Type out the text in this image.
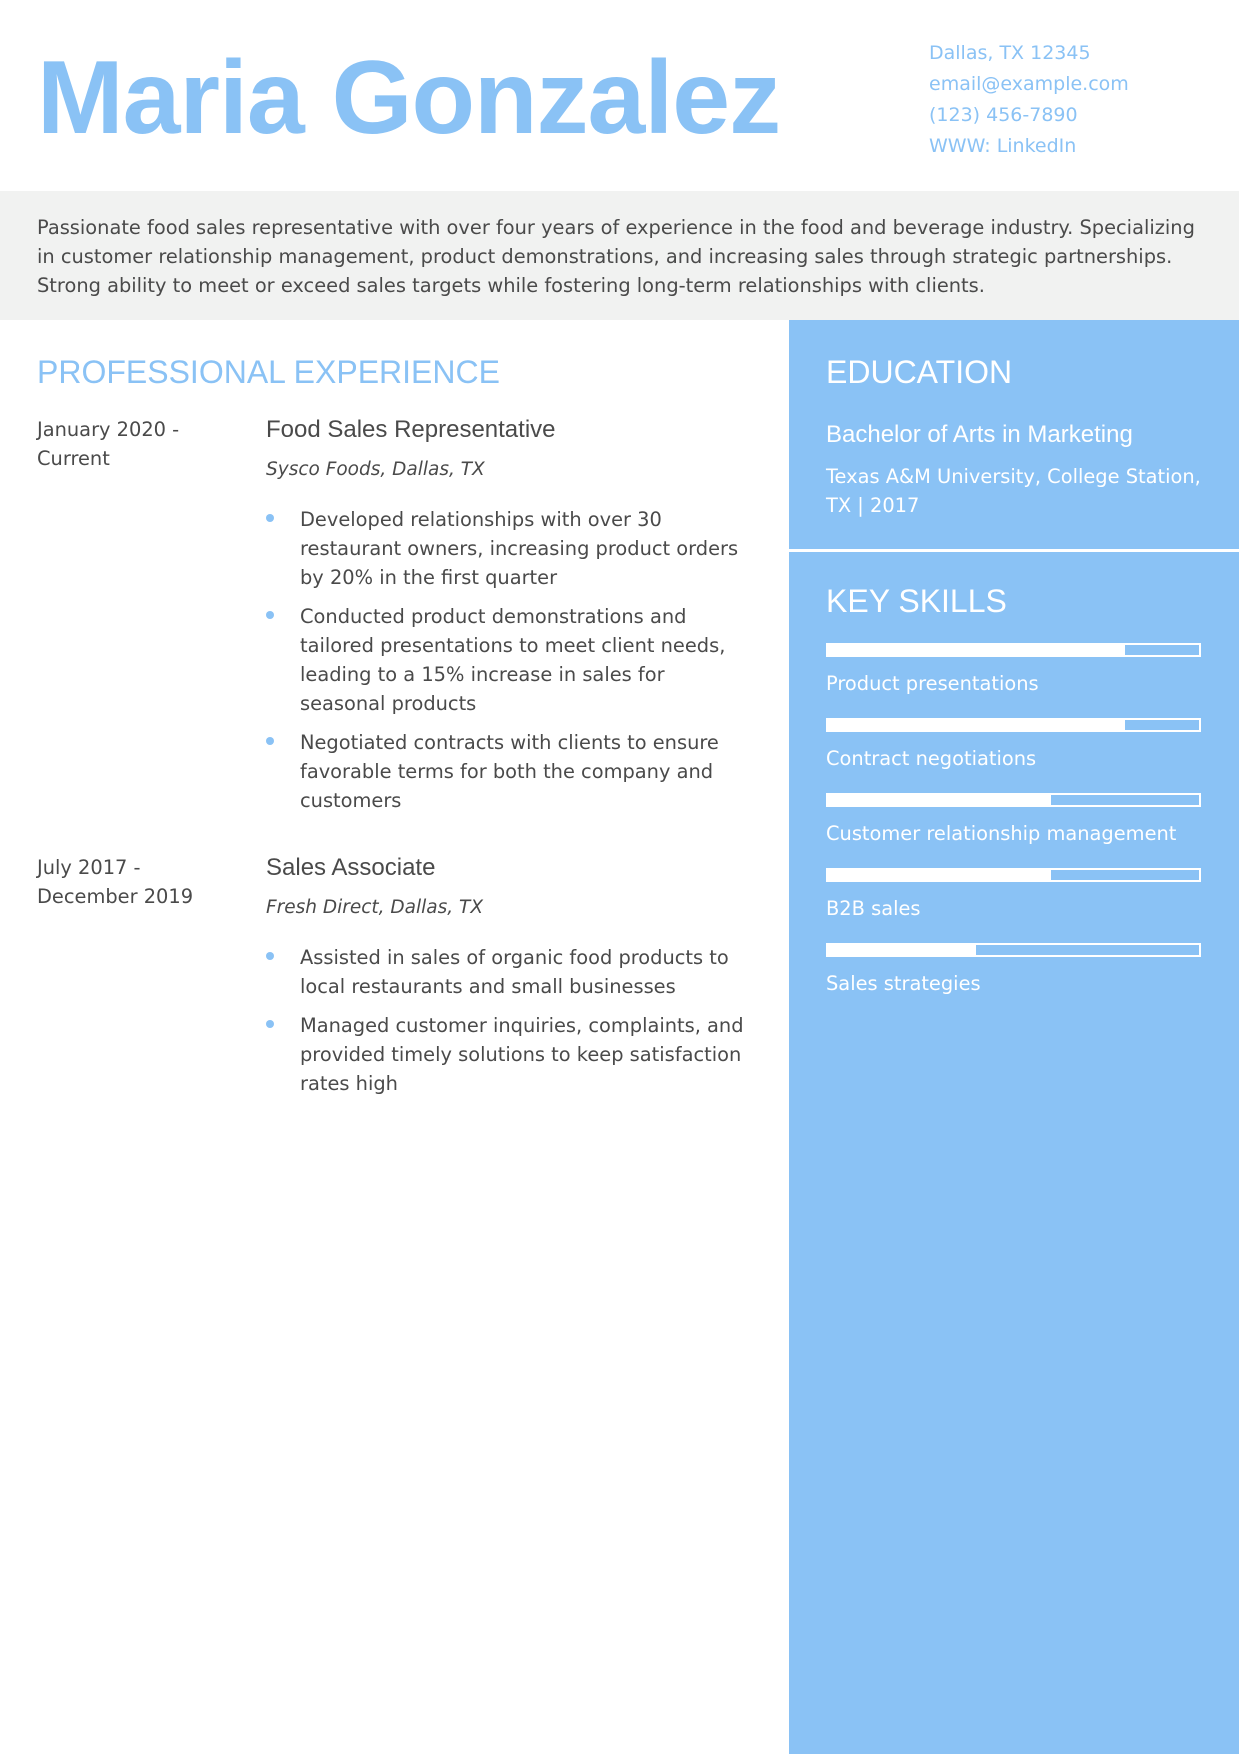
Maria Gonzalez	Dallas, TX 12345
email@example.com
(123) 456-7890
WWW: LinkedIn
Passionate food sales representative with over four years of experience in the food and beverage industry. Specializing in customer relationship management, product demonstrations, and increasing sales through strategic partnerships. Strong ability to meet or exceed sales targets while fostering long-term relationships with clients.
PROFESSIONAL EXPERIENCE
January 2020 - Current
Food Sales Representative
Sysco Foods, Dallas, TX
Developed relationships with over 30 restaurant owners, increasing product orders by 20% in the first quarter
Conducted product demonstrations and tailored presentations to meet client needs, leading to a 15% increase in sales for seasonal products
Negotiated contracts with clients to ensure favorable terms for both the company and customers
July 2017 - December 2019
Sales Associate
Fresh Direct, Dallas, TX
Assisted in sales of organic food products to local restaurants and small businesses
Managed customer inquiries, complaints, and provided timely solutions to keep satisfaction rates high
EDUCATION
Bachelor of Arts in Marketing
Texas A&M University, College Station, TX | 2017
KEY SKILLS
Product presentations
Contract negotiations
Customer relationship management
B2B sales
Sales strategies
